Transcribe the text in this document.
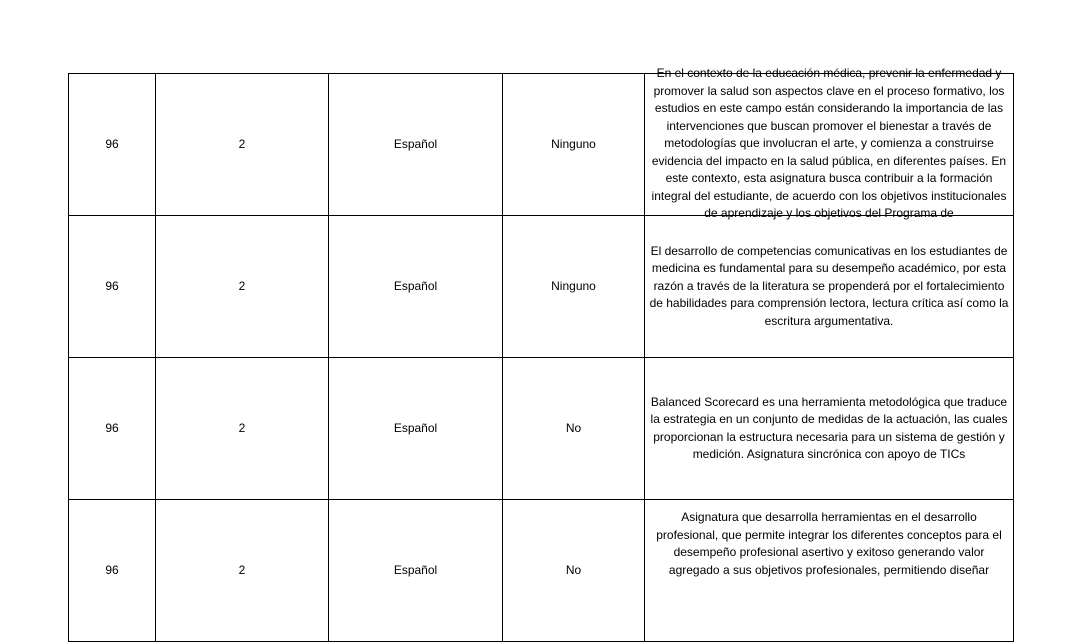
96	2	Español	Ninguno	En el contexto de la educación médica, prevenir la enfermedad y promover la salud son aspectos clave en el proceso formativo, los estudios en este campo están considerando la importancia de las intervenciones que buscan promover el bienestar a través de metodologías que involucran el arte, y comienza a construirse evidencia del impacto en la salud pública, en diferentes países. En este contexto, esta asignatura busca contribuir a la formación integral del estudiante, de acuerdo con los objetivos institucionales de aprendizaje y los objetivos del Programa de

96	2	Español	Ninguno	El desarrollo de competencias comunicativas en los estudiantes de medicina es fundamental para su desempeño académico, por esta razón a través de la literatura se propenderá por el fortalecimiento de habilidades para comprensión lectora, lectura crítica así como la escritura argumentativa.

96	2	Español	No	Balanced Scorecard es una herramienta metodológica que traduce la estrategia en un conjunto de medidas de la actuación, las cuales proporcionan la estructura necesaria para un sistema de gestión y medición. Asignatura sincrónica con apoyo de TICs

96	2	Español	No	Asignatura que desarrolla herramientas en el desarrollo profesional, que permite integrar los diferentes conceptos para el desempeño profesional asertivo y exitoso generando valor agregado a sus objetivos profesionales, permitiendo diseñar
